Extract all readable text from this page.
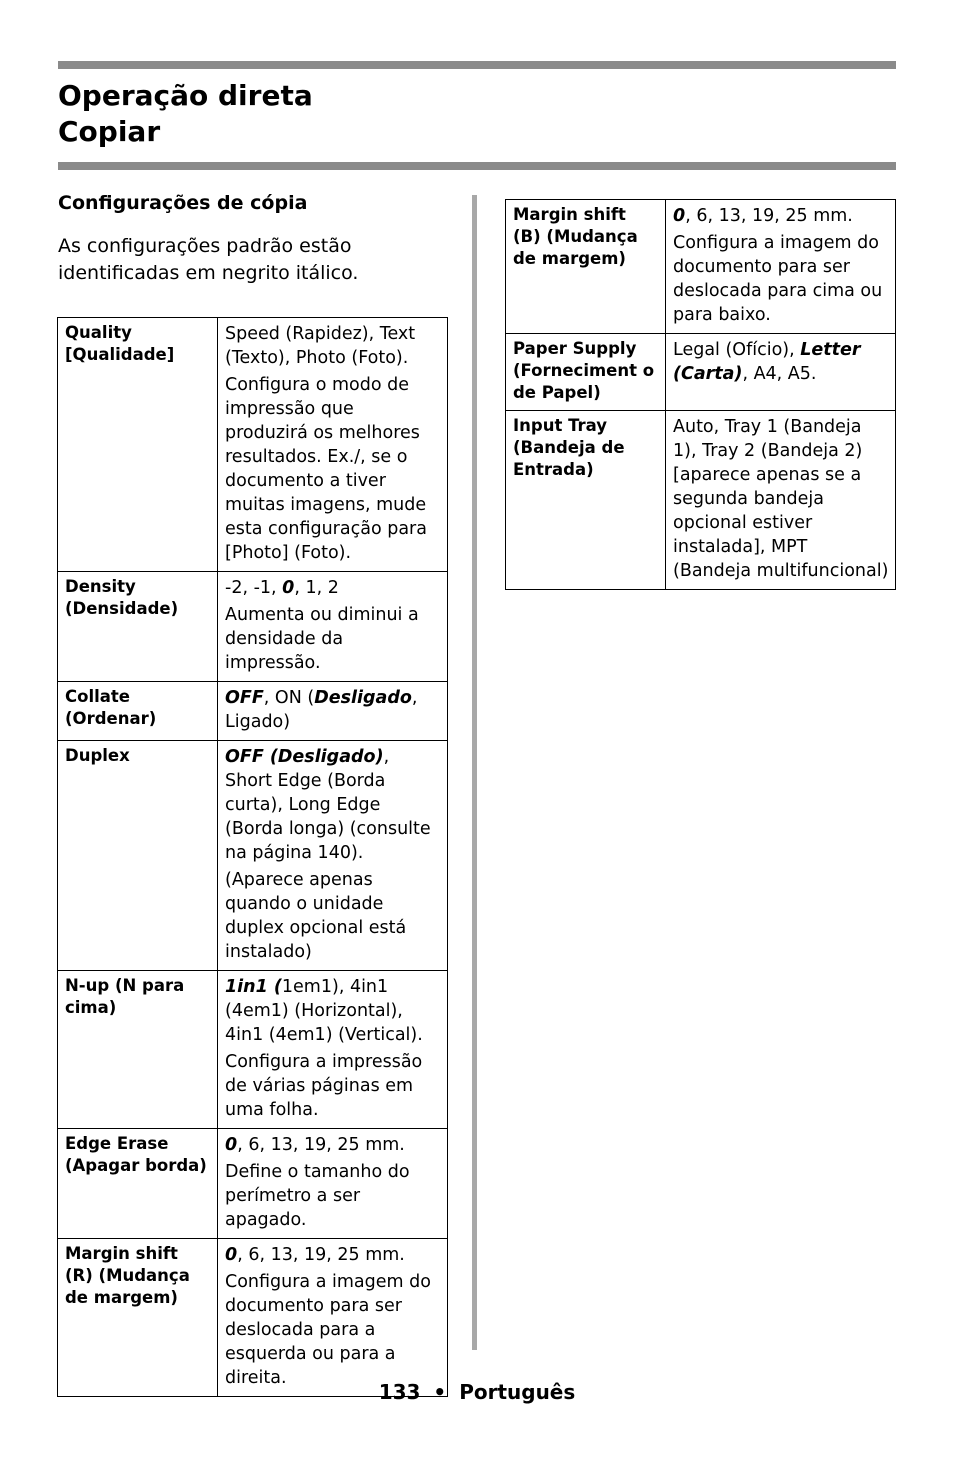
Operação direta
Copiar
Configurações de cópia

As configurações padrão estão identificadas em negrito itálico.

Quality [Qualidade]	Speed (Rapidez), Text (Texto), Photo (Foto).

Configura o modo de impressão que produzirá os melhores resultados. Ex./, se o documento a tiver muitas imagens, mude esta configuração para [Photo] (Foto).

Density (Densidade)	-2, -1, 0, 1, 2

Aumenta ou diminui a densidade da impressão.

Collate (Ordenar)	OFF, ON (Desligado, Ligado)

Duplex	OFF (Desligado), Short Edge (Borda curta), Long Edge (Borda longa) (consulte na página 140).

(Aparece apenas quando o unidade duplex opcional está instalado)

N-up (N para cima)	1in1 (1em1), 4in1 (4em1) (Horizontal), 4in1 (4em1) (Vertical).

Configura a impressão de várias páginas em uma folha.

Edge Erase (Apagar borda)	0, 6, 13, 19, 25 mm.

Define o tamanho do perímetro a ser apagado.

Margin shift (R) (Mudança de margem)	0, 6, 13, 19, 25 mm.

Configura a imagem do documento para ser deslocada para a esquerda ou para a direita.

Margin shift (B) (Mudança de margem)	0, 6, 13, 19, 25 mm.

Configura a imagem do documento para ser deslocada para cima ou para baixo.

Paper Supply (Forneciment o de Papel)	Legal (Ofício), Letter (Carta), A4, A5.

Input Tray (Bandeja de Entrada)	Auto, Tray 1 (Bandeja 1), Tray 2 (Bandeja 2) [aparece apenas se a segunda bandeja opcional estiver instalada], MPT (Bandeja multifuncional)

133 • Português
